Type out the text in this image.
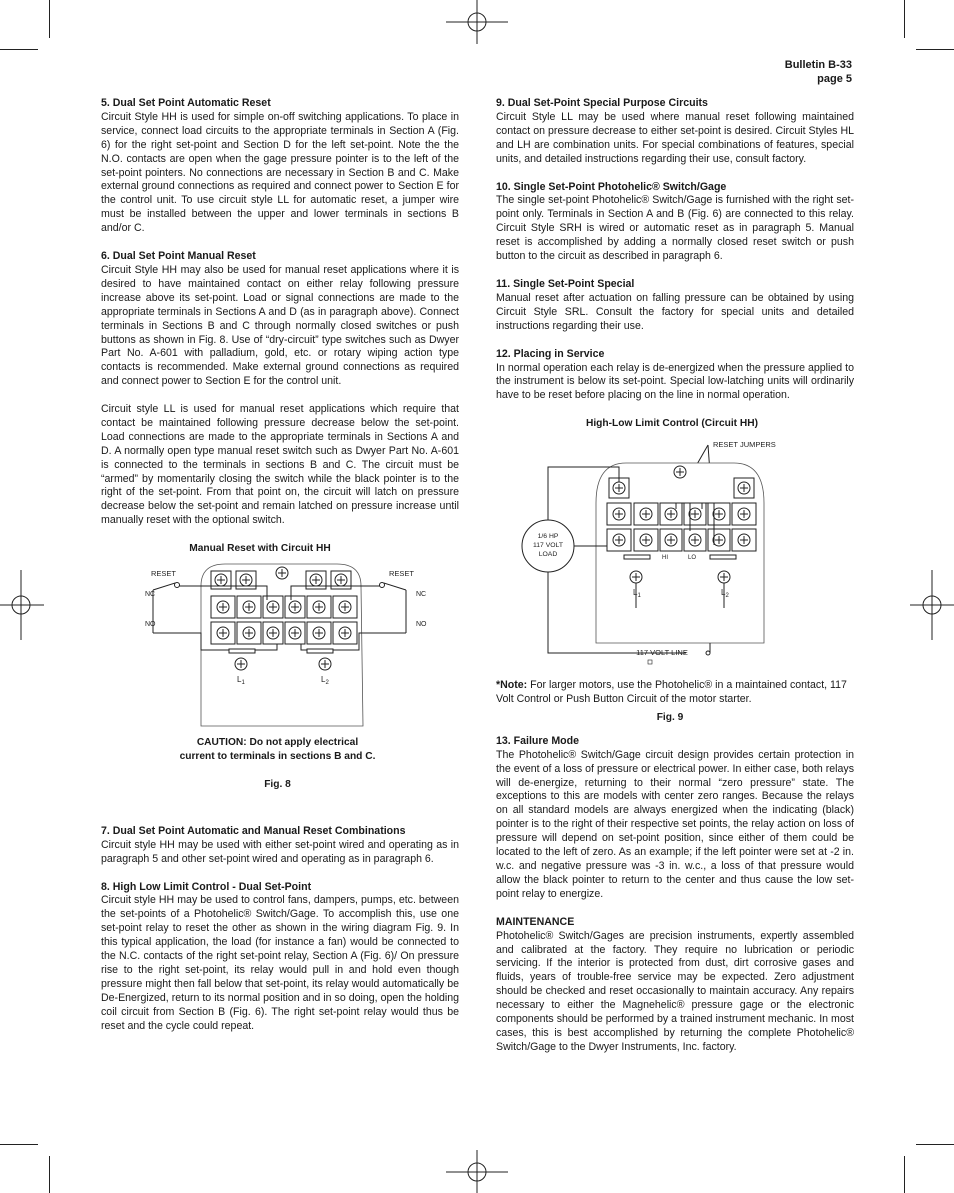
Bulletin B-33
page 5
5. Dual Set Point Automatic Reset

Circuit Style HH is used for simple on-off switching applications. To place in service, connect load circuits to the appropriate terminals in Section A (Fig. 6) for the right set-point and Section D for the left set-point. Note the the N.O. contacts are open when the gage pressure pointer is to the left of the set-point pointers. No connections are necessary in Section B and C. Make external ground connections as required and connect power to Section E for the control unit. To use circuit style LL for automatic reset, a jumper wire must be installed between the upper and lower terminals in sections B and/or C.

6. Dual Set Point Manual Reset

Circuit Style HH may also be used for manual reset applications where it is desired to have maintained contact on either relay following pressure increase above its set-point. Load or signal connections are made to the appropriate terminals in Sections A and D (as in paragraph above). Connect terminals in Sections B and C through normally closed switches or push buttons as shown in Fig. 8. Use of “dry-circuit” type switches such as Dwyer Part No. A-601 with palladium, gold, etc. or rotary wiping action type contacts is recommended. Make external ground connections as required and connect power to Section E for the control unit.

Circuit style LL is used for manual reset applications which require that contact be maintained following pressure decrease below the set-point. Load connections are made to the appropriate terminals in Sections A and D. A normally open type manual reset switch such as Dwyer Part No. A-601 is connected to the terminals in sections B and C. The circuit must be “armed” by momentarily closing the switch while the black pointer is to the right of the set-point. From that point on, the circuit will latch on pressure decrease below the set-point and remain latched on pressure increase until manually reset with the optional switch.

Manual Reset with Circuit HH

RESET	RESET
NC
NO
NC
NO
$L_1$	$L_2$
CAUTION: Do not apply electrical
current to terminals in sections B and C.
Fig. 8
7. Dual Set Point Automatic and Manual Reset Combinations

Circuit style HH may be used with either set-point wired and operating as in paragraph 5 and other set-point wired and operating as in paragraph 6.

8. High Low Limit Control - Dual Set-Point

Circuit style HH may be used to control fans, dampers, pumps, etc. between the set-points of a Photohelic® Switch/Gage. To accomplish this, use one set-point relay to reset the other as shown in the wiring diagram Fig. 9. In this typical application, the load (for instance a fan) would be connected to the N.C. contacts of the right set-point relay, Section A (Fig. 6)/ On pressure rise to the right set-point, its relay would pull in and hold even though pressure might then fall below that set-point, its relay would automatically be De-Energized, return to its normal position and in so doing, open the holding coil circuit from Section B (Fig. 6). The right set-point relay would thus be reset and the cycle could repeat.

9. Dual Set-Point Special Purpose Circuits

Circuit Style LL may be used where manual reset following maintained contact on pressure decrease to either set-point is desired. Circuit Styles HL and LH are combination units. For special combinations of features, special units, and detailed instructions regarding their use, consult factory.

10. Single Set-Point Photohelic® Switch/Gage

The single set-point Photohelic® Switch/Gage is furnished with the right set-point only. Terminals in Section A and B (Fig. 6) are connected to this relay. Circuit Style SRH is wired or automatic reset as in paragraph 5. Manual reset is accomplished by adding a normally closed reset switch or push button to the circuit as described in paragraph 6.

11. Single Set-Point Special

Manual reset after actuation on falling pressure can be obtained by using Circuit Style SRL. Consult the factory for special units and detailed instructions regarding their use.

12. Placing in Service

In normal operation each relay is de-energized when the pressure applied to the instrument is below its set-point. Special low-latching units will ordinarily have to be reset before placing on the line in normal operation.

High-Low Limit Control (Circuit HH)

RESET JUMPERS
HI	LO
1/6 HP
117 VOLT
LOAD
$L_1$	$L_2$
117 VOLT LINE

*Note: For larger motors, use the Photohelic® in a maintained contact, 117 Volt Control or Push Button Circuit of the motor starter.

Fig. 9
13. Failure Mode

The Photohelic® Switch/Gage circuit design provides certain protection in the event of a loss of pressure or electrical power. In either case, both relays will de-energize, returning to their normal “zero pressure” state. The exceptions to this are models with center zero ranges. Because the relays on all standard models are always energized when the indicating (black) pointer is to the right of their respective set points, the relay action on loss of pressure will depend on set-point position, since either of them could be located to the left of zero. As an example; if the left pointer were set at -2 in. w.c. and negative pressure was -3 in. w.c., a loss of that pressure would allow the black pointer to return to the center and thus cause the low set-point relay to energize.

MAINTENANCE

Photohelic® Switch/Gages are precision instruments, expertly assembled and calibrated at the factory. They require no lubrication or periodic servicing. If the interior is protected from dust, dirt corrosive gases and fluids, years of trouble-free service may be expected. Zero adjustment should be checked and reset occasionally to maintain accuracy. Any repairs necessary to either the Magnehelic® pressure gage or the electronic components should be performed by a trained instrument mechanic. In most cases, this is best accomplished by returning the complete Photohelic® Switch/Gage to the Dwyer Instruments, Inc. factory.
